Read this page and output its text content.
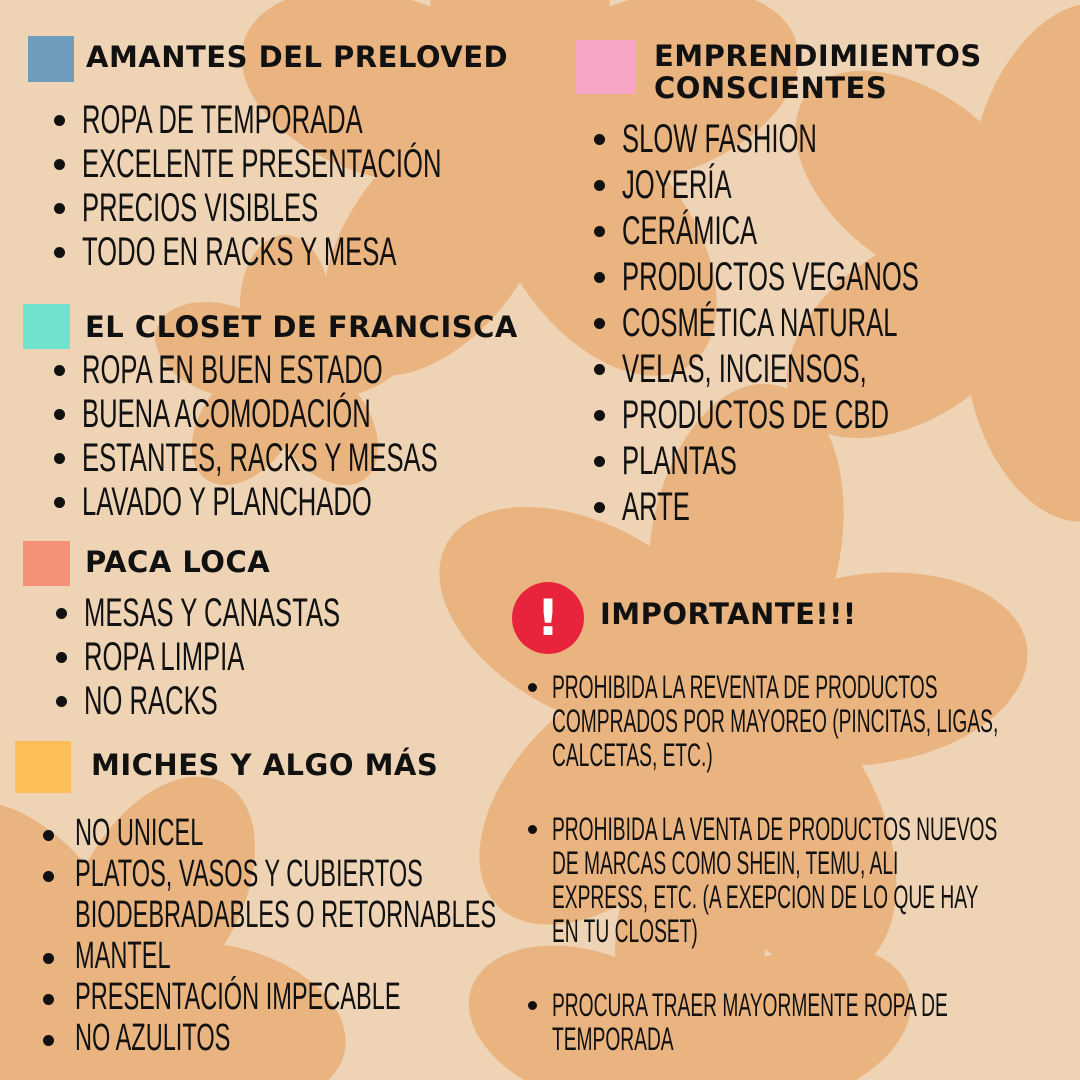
AMANTES DEL PRELOVED
ROPA DE TEMPORADA
EXCELENTE PRESENTACIÓN
PRECIOS VISIBLES
TODO EN RACKS Y MESA
EL CLOSET DE FRANCISCA
ROPA EN BUEN ESTADO
BUENA ACOMODACIÓN
ESTANTES, RACKS Y MESAS
LAVADO Y PLANCHADO
PACA LOCA
MESAS Y CANASTAS
ROPA LIMPIA
NO RACKS
MICHES Y ALGO MÁS
NO UNICEL
PLATOS, VASOS Y CUBIERTOS
BIODEBRADABLES O RETORNABLES
MANTEL
PRESENTACIÓN IMPECABLE
NO AZULITOS
EMPRENDIMIENTOS
CONSCIENTES
SLOW FASHION
JOYERÍA
CERÁMICA
PRODUCTOS VEGANOS
COSMÉTICA NATURAL
VELAS, INCIENSOS,
PRODUCTOS DE CBD
PLANTAS
ARTE
! IMPORTANTE!!!
PROHIBIDA LA REVENTA DE PRODUCTOS
COMPRADOS POR MAYOREO (PINCITAS, LIGAS,
CALCETAS, ETC.)
PROHIBIDA LA VENTA DE PRODUCTOS NUEVOS
DE MARCAS COMO SHEIN, TEMU, ALI
EXPRESS, ETC. (A EXEPCION DE LO QUE HAY
EN TU CLOSET)
PROCURA TRAER MAYORMENTE ROPA DE
TEMPORADA
